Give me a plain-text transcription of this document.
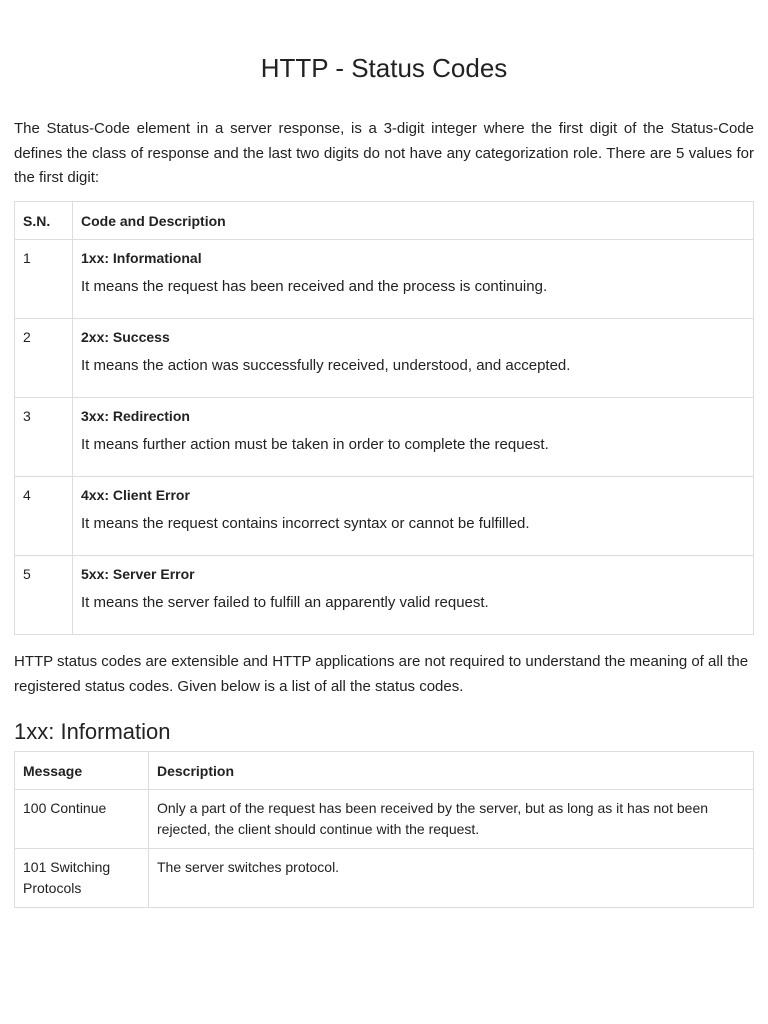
HTTP - Status Codes

The Status-Code element in a server response, is a 3-digit integer where the first digit of the Status-Code defines the class of response and the last two digits do not have any categorization role. There are 5 values for the first digit:

S.N.	Code and Description
1	1xx: Informational
It means the request has been received and the process is continuing.

2	2xx: Success
It means the action was successfully received, understood, and accepted.

3	3xx: Redirection
It means further action must be taken in order to complete the request.

4	4xx: Client Error
It means the request contains incorrect syntax or cannot be fulfilled.

5	5xx: Server Error
It means the server failed to fulfill an apparently valid request.

HTTP status codes are extensible and HTTP applications are not required to understand the meaning of all the registered status codes. Given below is a list of all the status codes.

1xx: Information
Message	Description
100 Continue	Only a part of the request has been received by the server, but as long as it has not been rejected, the client should continue with the request.
101 Switching Protocols	The server switches protocol.
